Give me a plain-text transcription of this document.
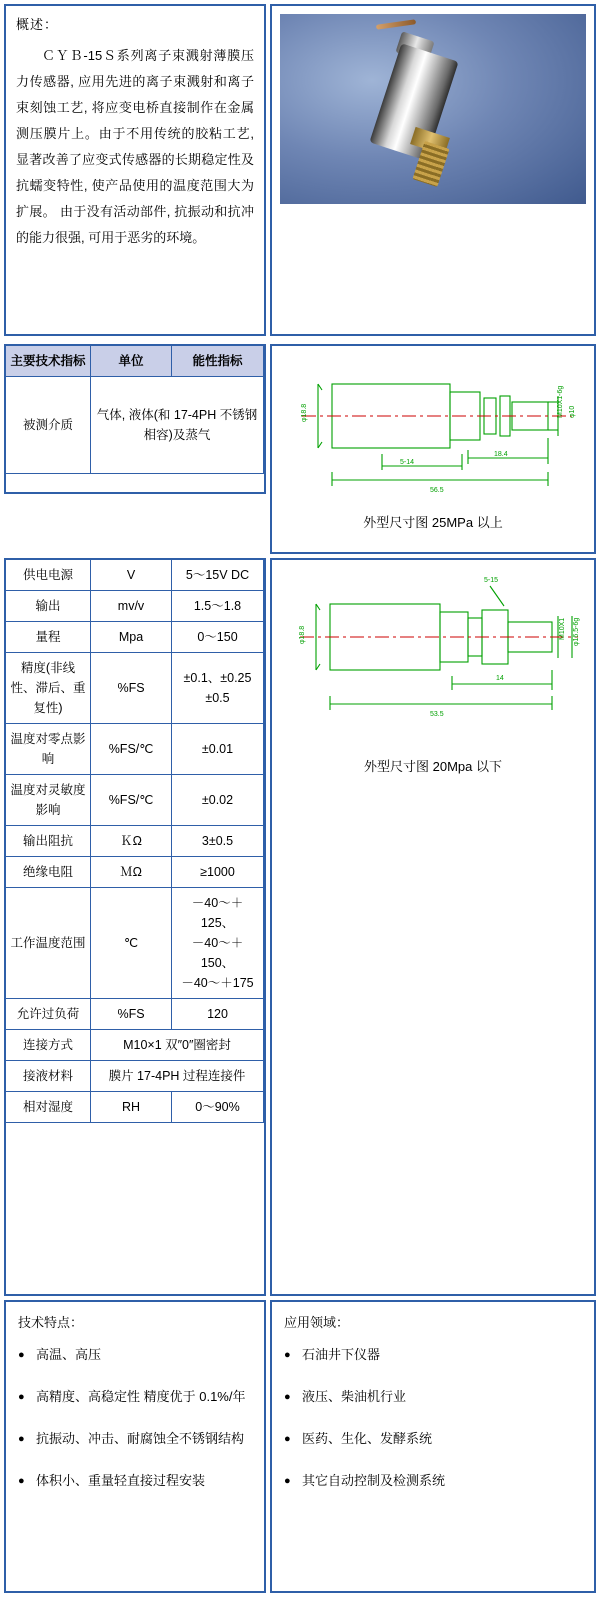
概述：
ＣＹＢ-15Ｓ系列离子束溅射薄膜压力传感器, 应用先进的离子束溅射和离子束刻蚀工艺, 将应变电桥直接制作在金属测压膜片上。由于不用传统的胶粘工艺, 显著改善了应变式传感器的长期稳定性及抗蠕变特性, 使产品使用的温度范围大为扩展。 由于没有活动部件, 抗振动和抗冲的能力很强, 可用于恶劣的环境。
主要技术指标	单位	能性指标
被测介质	气体, 液体(和 17-4PH 不锈钢相容)及蒸气	
供电电源	V	5～15V DC
输出	mv/v	1.5～1.8
量程	Mpa	0～150
精度(非线性、滞后、重复性)	%FS	±0.1、±0.25
±0.5
温度对零点影响	%FS/℃	±0.01
温度对灵敏度影响	%FS/℃	±0.02
输出阻抗	ＫΩ	3±0.5
绝缘电阻	ＭΩ	≥1000
工作温度范围	℃	－40～＋125、
－40～＋150、
－40～＋175
允许过负荷	%FS	120
连接方式	M10×1 双″0″圈密封	
接液材料	膜片 17-4PH 过程连接件	
相对湿度	RH	0～90%
φ18.8	M10X1-6g φ10
5-14
18.4
56.5
外型尺寸图 25MPa 以上
5-15
φ18.8	M10X1 φ16.5-6g
14
53.5
外型尺寸图 20Mpa 以下
技术特点：
● 高温、高压
● 高精度、高稳定性 精度优于 0.1%/年
● 抗振动、冲击、耐腐蚀全不锈钢结构
● 体积小、重量轻直接过程安装
应用领域：
● 石油井下仪器
● 液压、柴油机行业
● 医药、生化、发酵系统
● 其它自动控制及检测系统
